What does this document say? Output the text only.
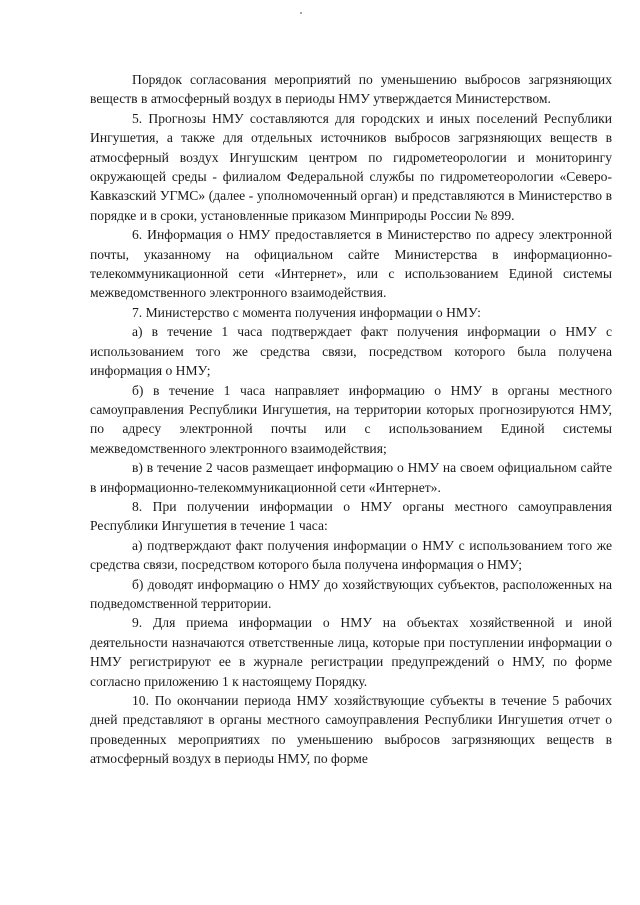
Порядок согласования мероприятий по уменьшению выбросов загрязняющих веществ в атмосферный воздух в периоды НМУ утверждается Министерством.

5. Прогнозы НМУ составляются для городских и иных поселений Республики Ингушетия, а также для отдельных источников выбросов загрязняющих веществ в атмосферный воздух Ингушским центром по гидрометеорологии и мониторингу окружающей среды - филиалом Федеральной службы по гидрометеорологии «Северо-Кавказский УГМС» (далее - уполномоченный орган) и представляются в Министерство в порядке и в сроки, установленные приказом Минприроды России № 899.

6. Информация о НМУ предоставляется в Министерство по адресу электронной почты, указанному на официальном сайте Министерства в информационно-телекоммуникационной сети «Интернет», или с использованием Единой системы межведомственного электронного взаимодействия.

7. Министерство с момента получения информации о НМУ:

а) в течение 1 часа подтверждает факт получения информации о НМУ с использованием того же средства связи, посредством которого была получена информация о НМУ;

б) в течение 1 часа направляет информацию о НМУ в органы местного самоуправления Республики Ингушетия, на территории которых прогнозируются НМУ, по адресу электронной почты или с использованием Единой системы межведомственного электронного взаимодействия;

в) в течение 2 часов размещает информацию о НМУ на своем официальном сайте в информационно-телекоммуникационной сети «Интернет».

8. При получении информации о НМУ органы местного самоуправления Республики Ингушетия в течение 1 часа:

а) подтверждают факт получения информации о НМУ с использованием того же средства связи, посредством которого была получена информация о НМУ;

б) доводят информацию о НМУ до хозяйствующих субъектов, расположенных на подведомственной территории.

9. Для приема информации о НМУ на объектах хозяйственной и иной деятельности назначаются ответственные лица, которые при поступлении информации о НМУ регистрируют ее в журнале регистрации предупреждений о НМУ, по форме согласно приложению 1 к настоящему Порядку.

10. По окончании периода НМУ хозяйствующие субъекты в течение 5 рабочих дней представляют в органы местного самоуправления Республики Ингушетия отчет о проведенных мероприятиях по уменьшению выбросов загрязняющих веществ в атмосферный воздух в периоды НМУ, по форме
